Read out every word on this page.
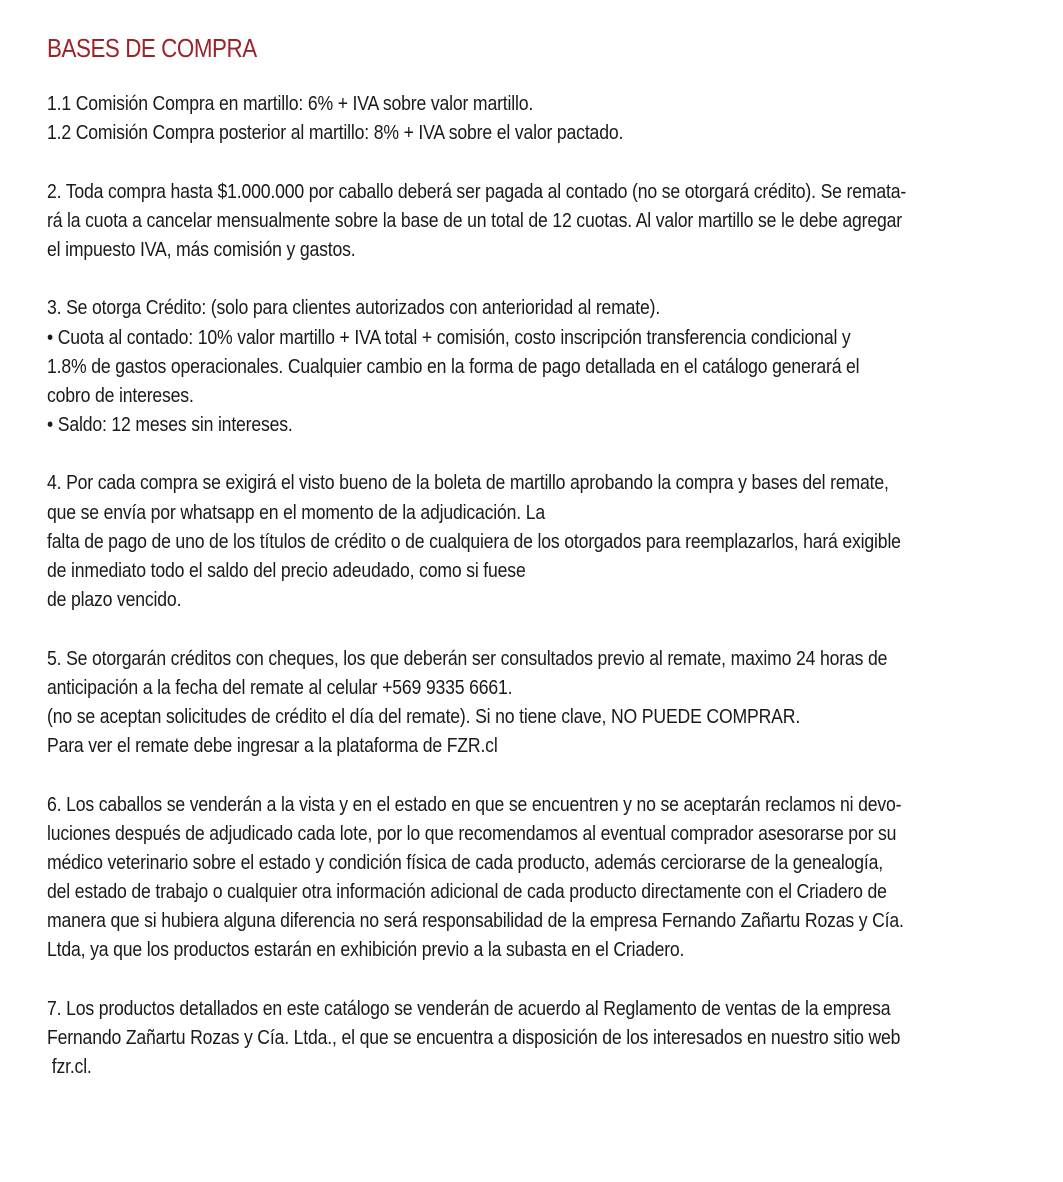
BASES DE COMPRA
1.1 Comisión Compra en martillo: 6% + IVA sobre valor martillo.
1.2 Comisión Compra posterior al martillo: 8% + IVA sobre el valor pactado.
2. Toda compra hasta $1.000.000 por caballo deberá ser pagada al contado (no se otorgará crédito). Se remata-
rá la cuota a cancelar mensualmente sobre la base de un total de 12 cuotas. Al valor martillo se le debe agregar
el impuesto IVA, más comisión y gastos.
3. Se otorga Crédito: (solo para clientes autorizados con anterioridad al remate).
• Cuota al contado: 10% valor martillo + IVA total + comisión, costo inscripción transferencia condicional y
1.8% de gastos operacionales. Cualquier cambio en la forma de pago detallada en el catálogo generará el
cobro de intereses.
• Saldo: 12 meses sin intereses.
4. Por cada compra se exigirá el visto bueno de la boleta de martillo aprobando la compra y bases del remate,
que se envía por whatsapp en el momento de la adjudicación. La
falta de pago de uno de los títulos de crédito o de cualquiera de los otorgados para reemplazarlos, hará exigible
de inmediato todo el saldo del precio adeudado, como si fuese
de plazo vencido.
5. Se otorgarán créditos con cheques, los que deberán ser consultados previo al remate, maximo 24 horas de
anticipación a la fecha del remate al celular +569 9335 6661.
(no se aceptan solicitudes de crédito el día del remate). Si no tiene clave, NO PUEDE COMPRAR.
Para ver el remate debe ingresar a la plataforma de FZR.cl
6. Los caballos se venderán a la vista y en el estado en que se encuentren y no se aceptarán reclamos ni devo-
luciones después de adjudicado cada lote, por lo que recomendamos al eventual comprador asesorarse por su
médico veterinario sobre el estado y condición física de cada producto, además cerciorarse de la genealogía,
del estado de trabajo o cualquier otra información adicional de cada producto directamente con el Criadero de
manera que si hubiera alguna diferencia no será responsabilidad de la empresa Fernando Zañartu Rozas y Cía.
Ltda, ya que los productos estarán en exhibición previo a la subasta en el Criadero.
7. Los productos detallados en este catálogo se venderán de acuerdo al Reglamento de ventas de la empresa
Fernando Zañartu Rozas y Cía. Ltda., el que se encuentra a disposición de los interesados en nuestro sitio web
fzr.cl.
